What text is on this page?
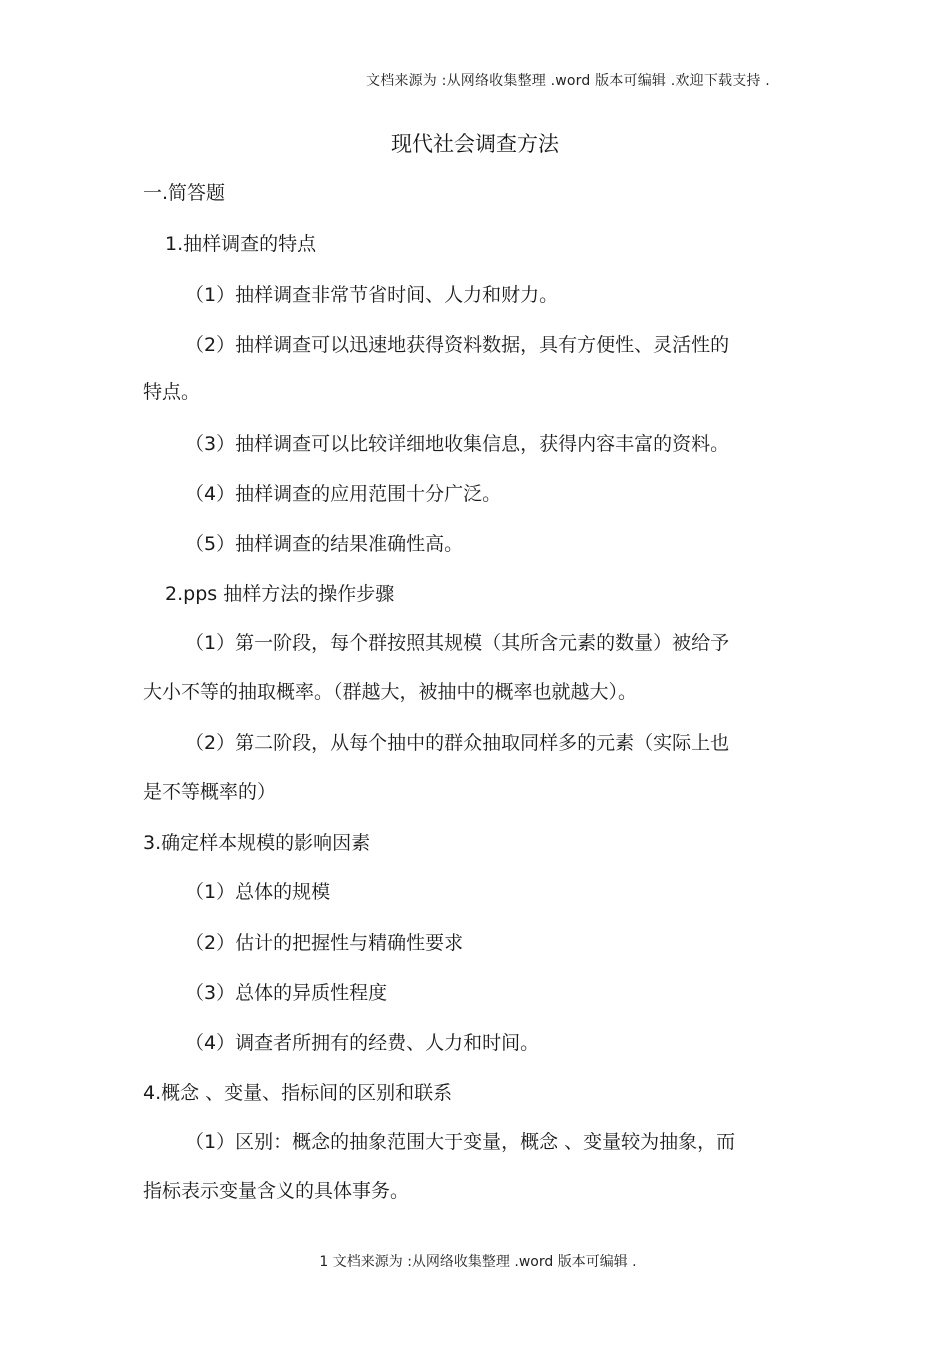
文档来源为 :从网络收集整理 .word 版本可编辑 .欢迎下载支持 .
现代社会调查方法

一.简答题

1.抽样调查的特点

（1）抽样调查非常节省时间、人力和财力。

（2）抽样调查可以迅速地获得资料数据，具有方便性、灵活性的

特点。

（3）抽样调查可以比较详细地收集信息，获得内容丰富的资料。

（4）抽样调查的应用范围十分广泛。

（5）抽样调查的结果准确性高。

2.pps 抽样方法的操作步骤

（1）第一阶段，每个群按照其规模（其所含元素的数量）被给予

大小不等的抽取概率。（群越大，被抽中的概率也就越大）。

（2）第二阶段，从每个抽中的群众抽取同样多的元素（实际上也

是不等概率的）

3.确定样本规模的影响因素

（1）总体的规模

（2）估计的把握性与精确性要求

（3）总体的异质性程度

（4）调查者所拥有的经费、人力和时间。

4.概念 、变量、指标间的区别和联系

（1）区别：概念的抽象范围大于变量，概念 、变量较为抽象，而

指标表示变量含义的具体事务。

1 文档来源为 :从网络收集整理 .word 版本可编辑 .
